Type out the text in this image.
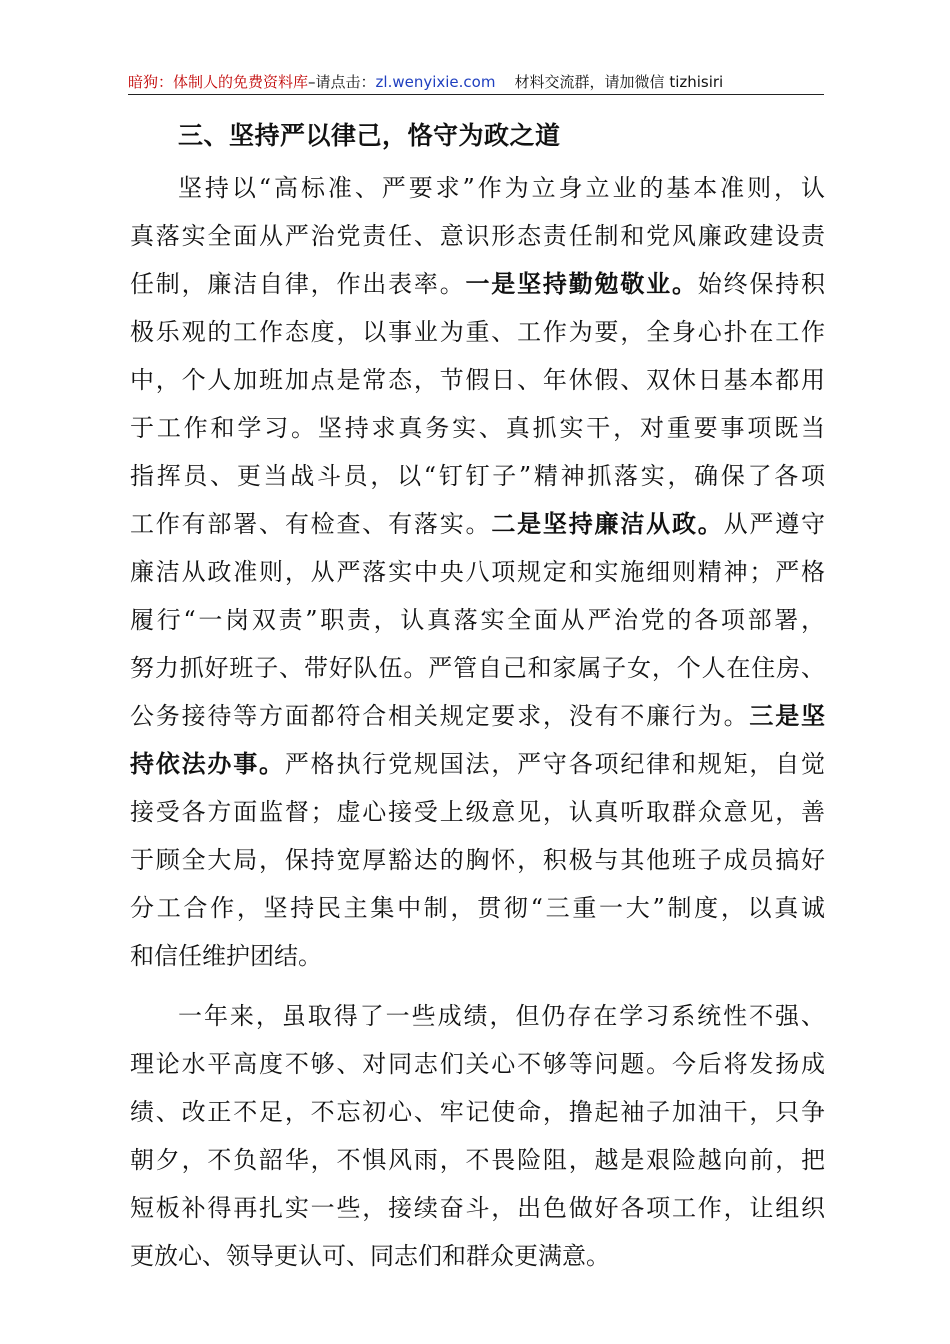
暗狗：体制人的免费资料库–请点击：zl.wenyixie.com 材料交流群，请加微信 tizhisiri
三、坚持严以律己，恪守为政之道
坚持以“高标准、严要求”作为立身立业的基本准则，认
真落实全面从严治党责任、意识形态责任制和党风廉政建设责
任制，廉洁自律，作出表率。一是坚持勤勉敬业。始终保持积
极乐观的工作态度，以事业为重、工作为要，全身心扑在工作
中，个人加班加点是常态，节假日、年休假、双休日基本都用
于工作和学习。坚持求真务实、真抓实干，对重要事项既当
指挥员、更当战斗员，以“钉钉子”精神抓落实，确保了各项
工作有部署、有检查、有落实。二是坚持廉洁从政。从严遵守
廉洁从政准则，从严落实中央八项规定和实施细则精神；严格
履行“一岗双责”职责，认真落实全面从严治党的各项部署，
努力抓好班子、带好队伍。严管自己和家属子女，个人在住房、
公务接待等方面都符合相关规定要求，没有不廉行为。三是坚
持依法办事。严格执行党规国法，严守各项纪律和规矩，自觉
接受各方面监督；虚心接受上级意见，认真听取群众意见，善
于顾全大局，保持宽厚豁达的胸怀，积极与其他班子成员搞好
分工合作，坚持民主集中制，贯彻“三重一大”制度，以真诚
和信任维护团结。
一年来，虽取得了一些成绩，但仍存在学习系统性不强、
理论水平高度不够、对同志们关心不够等问题。今后将发扬成
绩、改正不足，不忘初心、牢记使命，撸起袖子加油干，只争
朝夕，不负韶华，不惧风雨，不畏险阻，越是艰险越向前，把
短板补得再扎实一些，接续奋斗，出色做好各项工作，让组织
更放心、领导更认可、同志们和群众更满意。
